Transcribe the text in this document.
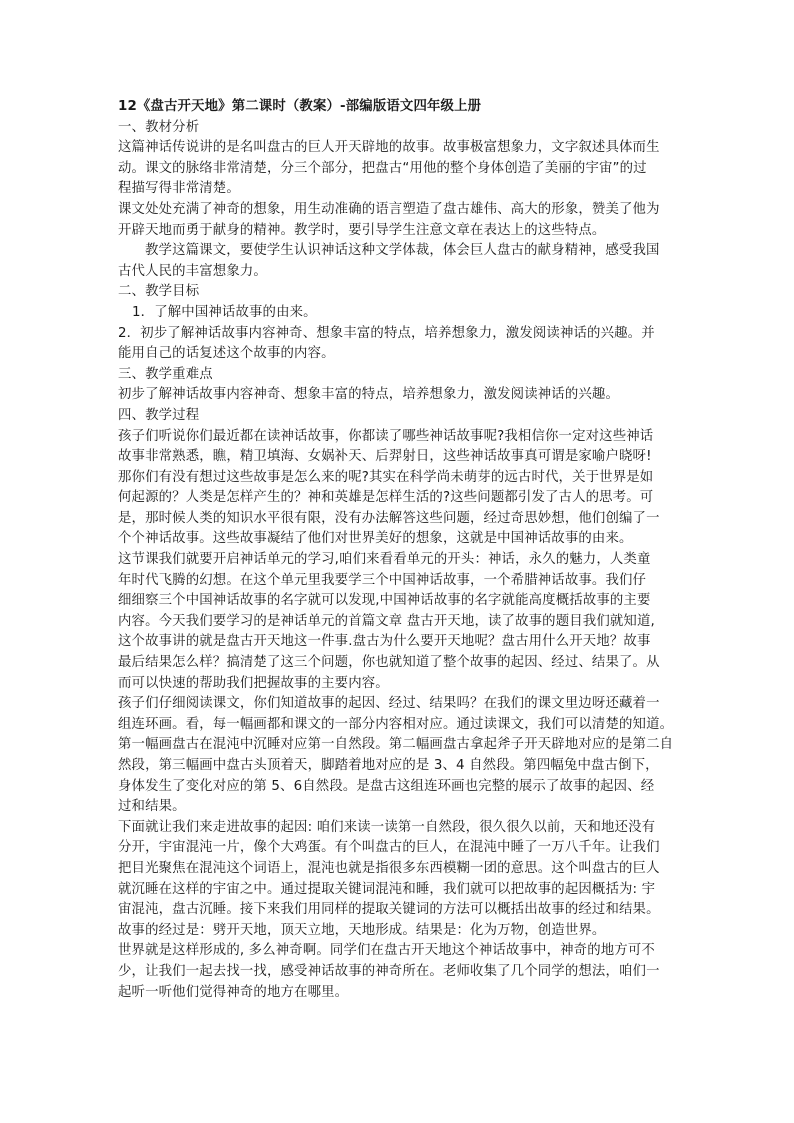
12《盘古开天地》第二课时（教案）-部编版语文四年级上册
一、教材分析
这篇神话传说讲的是名叫盘古的巨人开天辟地的故事。故事极富想象力，文字叙述具体而生
动。课文的脉络非常清楚，分三个部分，把盘古“用他的整个身体创造了美丽的宇宙”的过
程描写得非常清楚。
课文处处充满了神奇的想象，用生动准确的语言塑造了盘古雄伟、高大的形象，赞美了他为
开辟天地而勇于献身的精神。教学时，要引导学生注意文章在表达上的这些特点。
教学这篇课文，要使学生认识神话这种文学体裁，体会巨人盘古的献身精神，感受我国
古代人民的丰富想象力。
二、教学目标
1．了解中国神话故事的由来。
2．初步了解神话故事内容神奇、想象丰富的特点，培养想象力，激发阅读神话的兴趣。并
能用自己的话复述这个故事的内容。
三、教学重难点
初步了解神话故事内容神奇、想象丰富的特点，培养想象力，激发阅读神话的兴趣。
四、教学过程
孩子们听说你们最近都在读神话故事，你都读了哪些神话故事呢?我相信你一定对这些神话
故事非常熟悉，瞧，精卫填海、女娲补天、后羿射日，这些神话故事真可谓是家喻户晓呀!
那你们有没有想过这些故事是怎么来的呢?其实在科学尚未萌芽的远古时代，关于世界是如
何起源的？人类是怎样产生的？神和英雄是怎样生活的?这些问题都引发了古人的思考。可
是，那时候人类的知识水平很有限，没有办法解答这些问题，经过奇思妙想，他们创编了一
个个神话故事。这些故事凝结了他们对世界美好的想象，这就是中国神话故事的由来。
这节课我们就要开启神话单元的学习,咱们来看看单元的开头：神话，永久的魅力，人类童
年时代飞腾的幻想。在这个单元里我要学三个中国神话故事，一个希腊神话故事。我们仔
细细察三个中国神话故事的名字就可以发现,中国神话故事的名字就能高度概括故事的主要
内容。今天我们要学习的是神话单元的首篇文章 盘古开天地，读了故事的题目我们就知道,
这个故事讲的就是盘古开天地这一件事.盘古为什么要开天地呢？盘古用什么开天地？故事
最后结果怎么样？搞清楚了这三个问题，你也就知道了整个故事的起因、经过、结果了。从
而可以快速的帮助我们把握故事的主要内容。
孩子们仔细阅读课文，你们知道故事的起因、经过、结果吗？在我们的课文里边呀还藏着一
组连环画。看，每一幅画都和课文的一部分内容相对应。通过读课文，我们可以清楚的知道。
第一幅画盘古在混沌中沉睡对应第一自然段。第二幅画盘古拿起斧子开天辟地对应的是第二自
然段，第三幅画中盘古头顶着天，脚踏着地对应的是 3、4 自然段。第四幅兔中盘古倒下，
身体发生了变化对应的第 5、6自然段。是盘古这组连环画也完整的展示了故事的起因、经
过和结果。
下面就让我们来走进故事的起因: 咱们来读一读第一自然段，很久很久以前，天和地还没有
分开，宇宙混沌一片，像个大鸡蛋。有个叫盘古的巨人，在混沌中睡了一万八千年。让我们
把目光聚焦在混沌这个词语上，混沌也就是指很多东西模糊一团的意思。这个叫盘古的巨人
就沉睡在这样的宇宙之中。通过提取关键词混沌和睡，我们就可以把故事的起因概括为: 宇
宙混沌，盘古沉睡。接下来我们用同样的提取关键词的方法可以概括出故事的经过和结果。
故事的经过是：劈开天地，顶天立地，天地形成。结果是：化为万物，创造世界。
世界就是这样形成的, 多么神奇啊。同学们在盘古开天地这个神话故事中，神奇的地方可不
少，让我们一起去找一找，感受神话故事的神奇所在。老师收集了几个同学的想法，咱们一
起听一听他们觉得神奇的地方在哪里。
